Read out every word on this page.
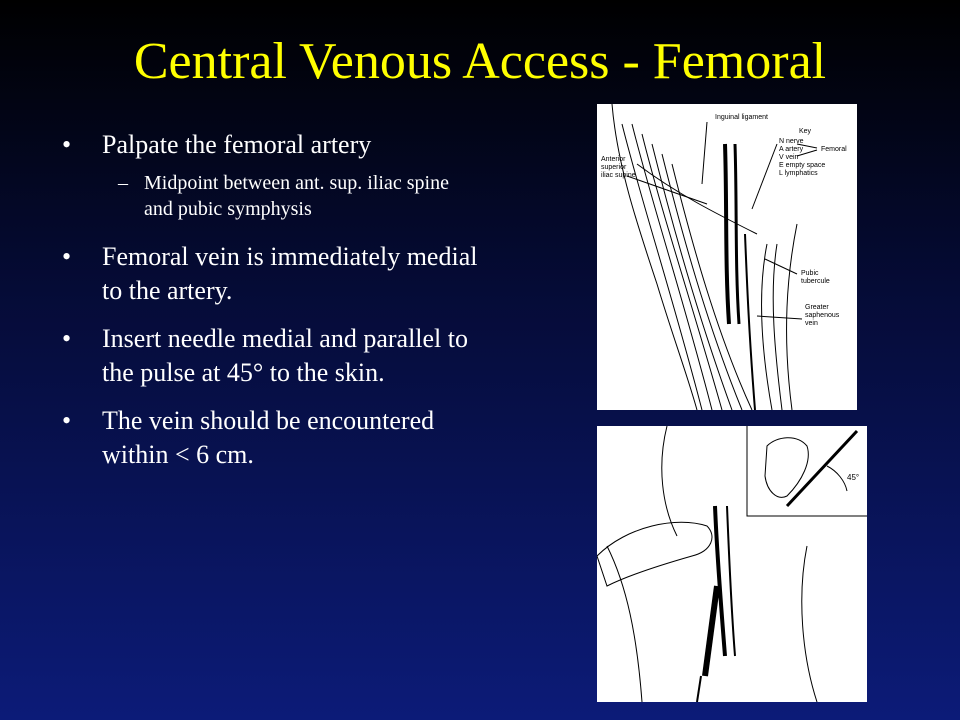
Central Venous Access - Femoral
•	Palpate the femoral artery
– Midpoint between ant. sup. iliac spine and pubic symphysis
•	Femoral vein is immediately medial to the artery.
•	Insert needle medial and parallel to the pulse at 45° to the skin.
•	The vein should be encountered within < 6 cm.
Inguinal ligament
Key
N nerve
A artery
V vein
E empty space
L lymphatics
Femoral
Anterior superior iliac supine
Pubic tubercule
Greater saphenous vein
45°
